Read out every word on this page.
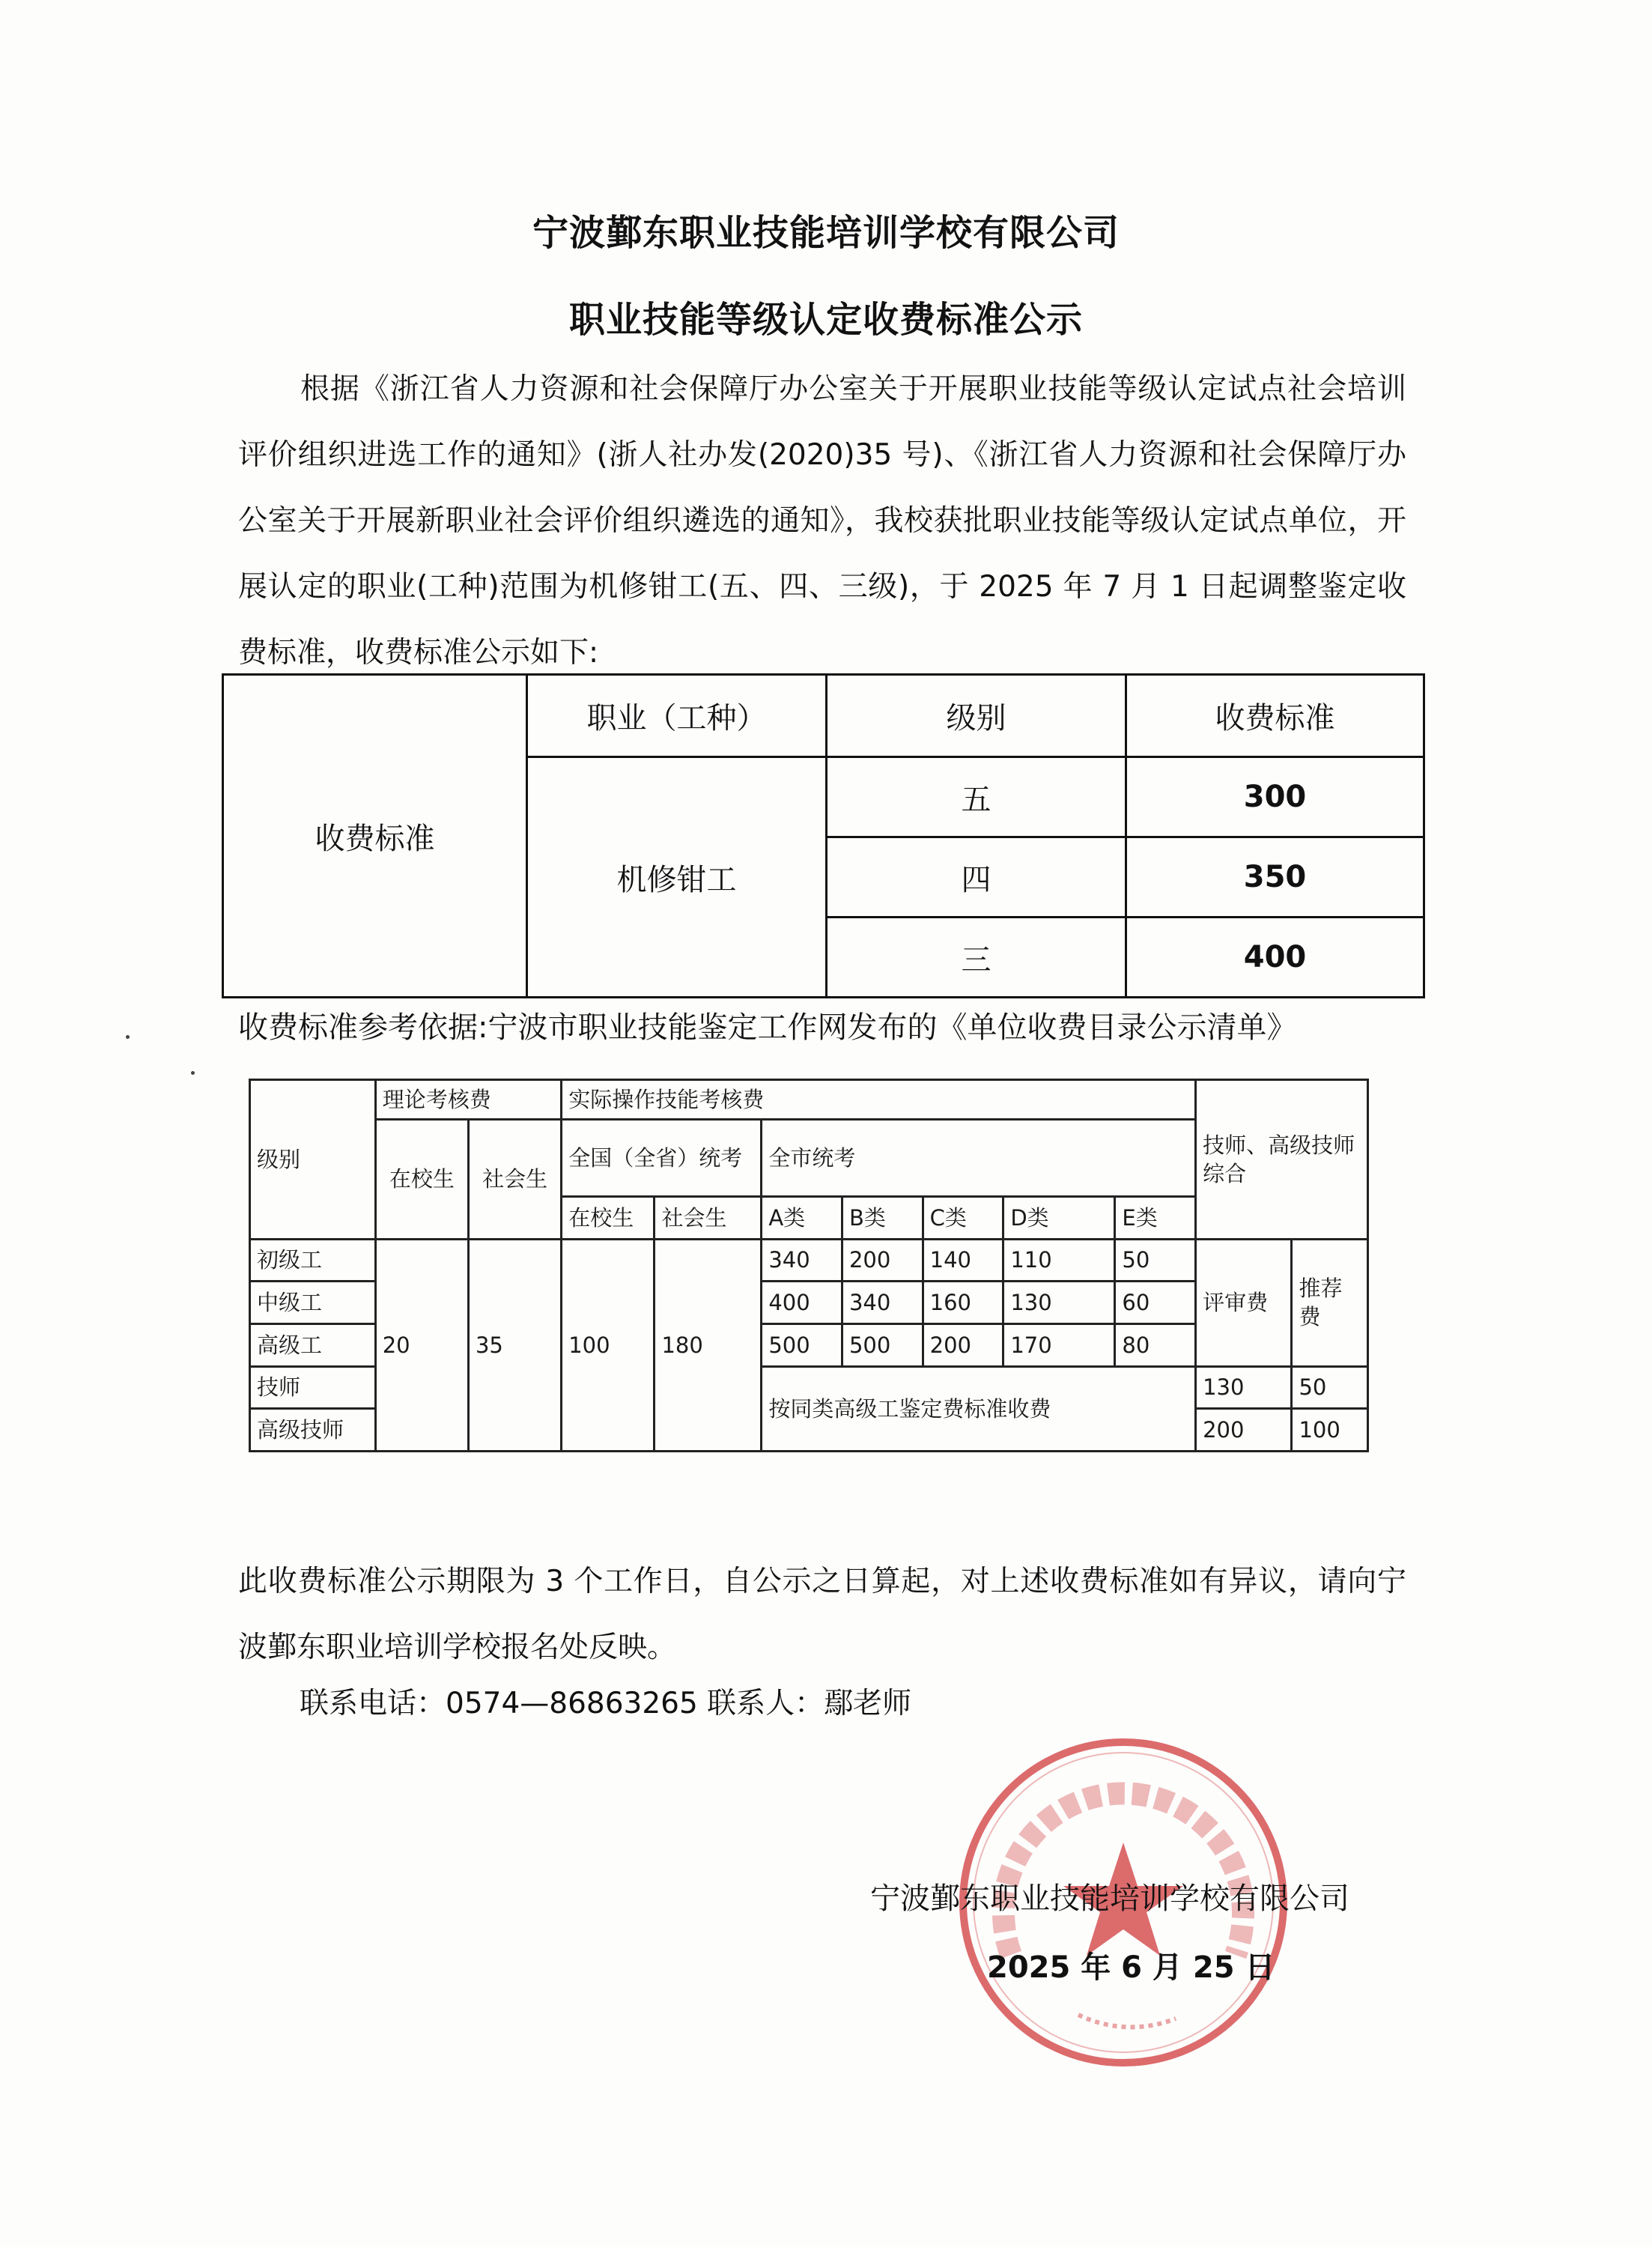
宁波鄞东职业技能培训学校有限公司
职业技能等级认定收费标准公示
根据《浙江省人力资源和社会保障厅办公室关于开展职业技能等级认定试点社会培训评价组织进选工作的通知》(浙人社办发(2020)35 号)、《浙江省人力资源和社会保障厅办公室关于开展新职业社会评价组织遴选的通知》，我校获批职业技能等级认定试点单位，开展认定的职业(工种)范围为机修钳工(五、四、三级)，于 2025 年 7 月 1 日起调整鉴定收费标准，收费标准公示如下:
收费标准	职业（工种）	级别	收费标准
	机修钳工	五	300
		四	350
		三	400
收费标准参考依据:宁波市职业技能鉴定工作网发布的《单位收费目录公示清单》
级别	理论考核费		实际操作技能考核费							技师、高级技师综合	
	在校生	社会生	全国（全省）统考		全市统考						
			在校生	社会生	A类	B类	C类	D类	E类		
初级工	20	35	100	180	340	200	140	110	50	评审费	推荐费
中级工					400	340	160	130	60		
高级工					500	500	200	170	80		
技师					按同类高级工鉴定费标准收费					130	50
高级技师										200	100
此收费标准公示期限为 3 个工作日，自公示之日算起，对上述收费标准如有异议，请向宁波鄞东职业培训学校报名处反映。
联系电话：0574—86863265 联系人：鄢老师
宁波鄞东职业技能培训学校有限公司
2025 年 6 月 25 日
